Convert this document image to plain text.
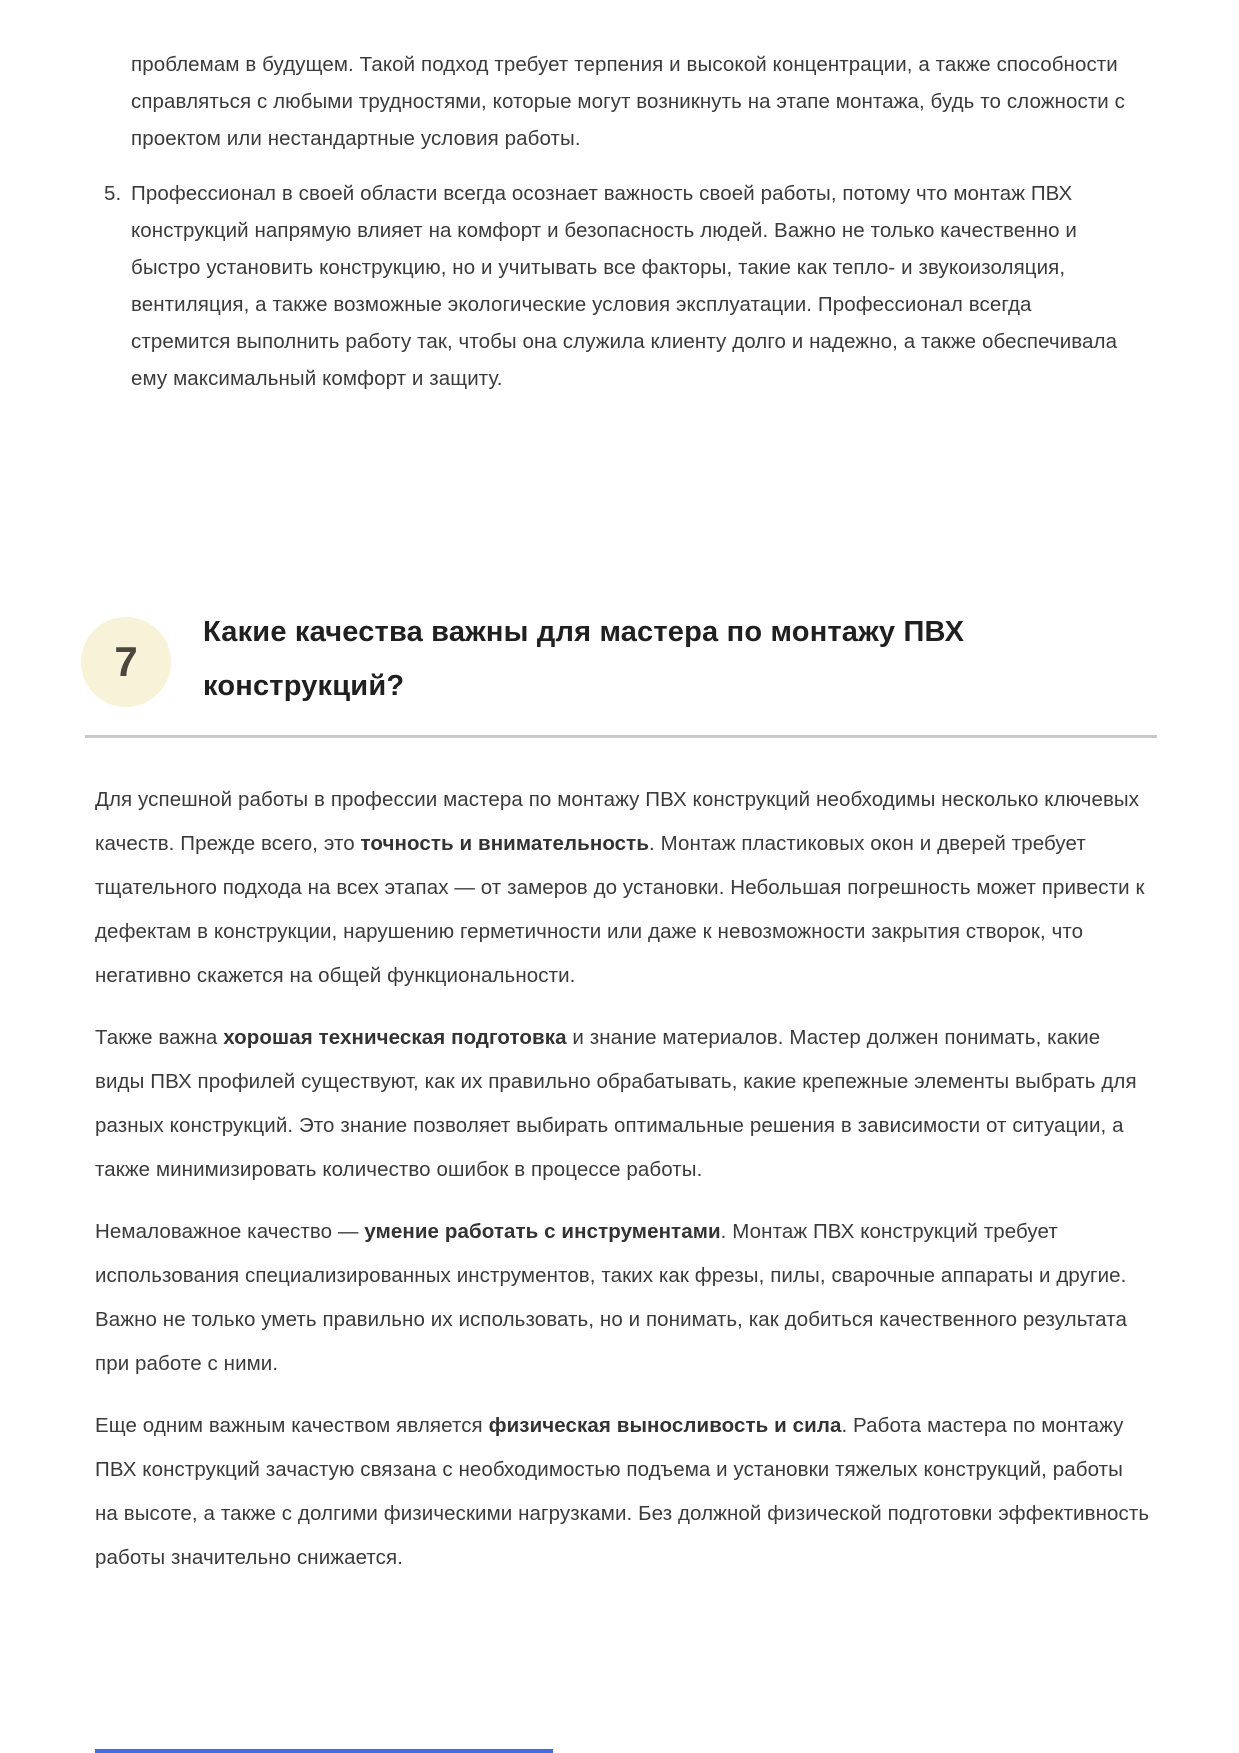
проблемам в будущем. Такой подход требует терпения и высокой концентрации, а также способности справляться с любыми трудностями, которые могут возникнуть на этапе монтажа, будь то сложности с проектом или нестандартные условия работы.

5. Профессионал в своей области всегда осознает важность своей работы, потому что монтаж ПВХ конструкций напрямую влияет на комфорт и безопасность людей. Важно не только качественно и быстро установить конструкцию, но и учитывать все факторы, такие как тепло- и звукоизоляция, вентиляция, а также возможные экологические условия эксплуатации. Профессионал всегда стремится выполнить работу так, чтобы она служила клиенту долго и надежно, а также обеспечивала ему максимальный комфорт и защиту.
7
Какие качества важны для мастера по монтажу ПВХ конструкций?

Для успешной работы в профессии мастера по монтажу ПВХ конструкций необходимы несколько ключевых качеств. Прежде всего, это точность и внимательность. Монтаж пластиковых окон и дверей требует тщательного подхода на всех этапах — от замеров до установки. Небольшая погрешность может привести к дефектам в конструкции, нарушению герметичности или даже к невозможности закрытия створок, что негативно скажется на общей функциональности.

Также важна хорошая техническая подготовка и знание материалов. Мастер должен понимать, какие виды ПВХ профилей существуют, как их правильно обрабатывать, какие крепежные элементы выбрать для разных конструкций. Это знание позволяет выбирать оптимальные решения в зависимости от ситуации, а также минимизировать количество ошибок в процессе работы.

Немаловажное качество — умение работать с инструментами. Монтаж ПВХ конструкций требует использования специализированных инструментов, таких как фрезы, пилы, сварочные аппараты и другие. Важно не только уметь правильно их использовать, но и понимать, как добиться качественного результата при работе с ними.

Еще одним важным качеством является физическая выносливость и сила. Работа мастера по монтажу ПВХ конструкций зачастую связана с необходимостью подъема и установки тяжелых конструкций, работы на высоте, а также с долгими физическими нагрузками. Без должной физической подготовки эффективность работы значительно снижается.
